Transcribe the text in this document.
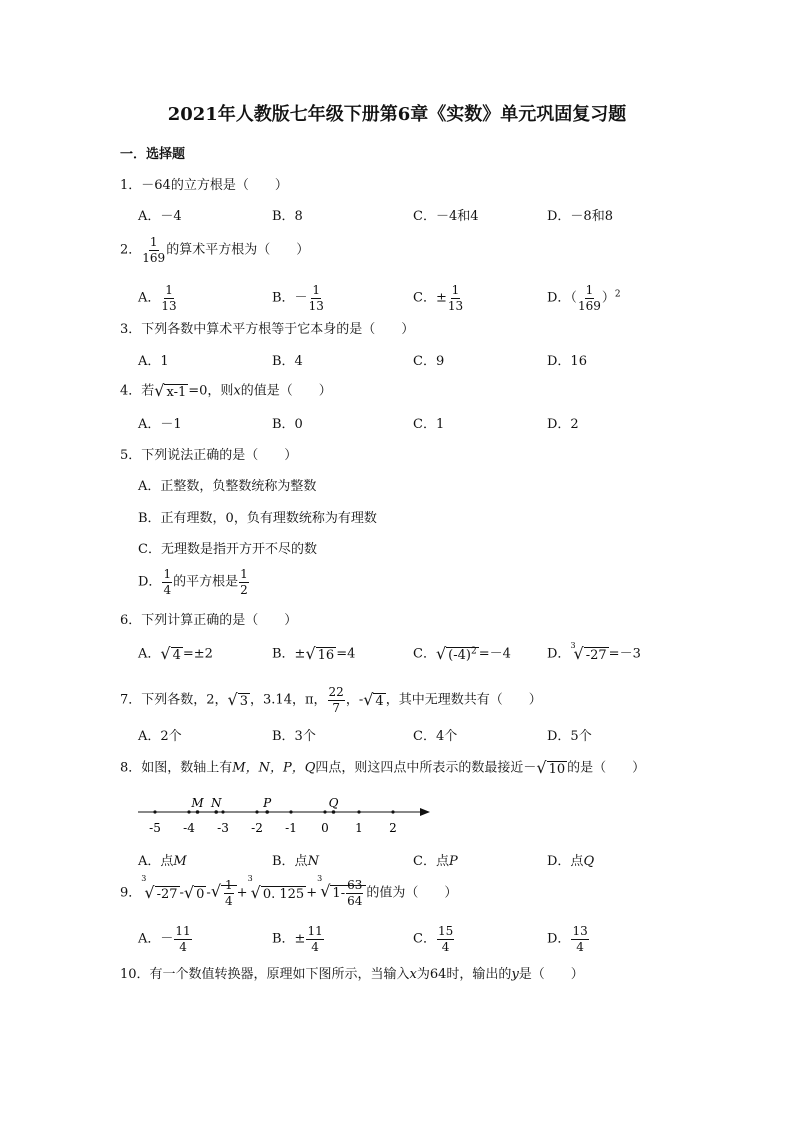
2021年人教版七年级下册第6章《实数》单元巩固复习题
一．选择题
1．－64的立方根是（　　）
A．－4	B．8	C．－4和4	D．－8和8
2． $\frac{1}{169}$ 的算术平方根为（　　）
A． $\frac{1}{13}$	B．－ $\frac{1}{13}$	C．± $\frac{1}{13}$	D．（ $\frac{1}{169} )^2$
3．下列各数中算术平方根等于它本身的是（　　）
A．1	B．4	C．9	D．16
4．若√ x-1 =0，则x的值是（　　）
A．－1	B．0	C．1	D．2
5．下列说法正确的是（　　）
A．正整数，负整数统称为整数
B．正有理数，0，负有理数统称为有理数
C．无理数是指开方开不尽的数
D． $\frac{1}{4}$ 的平方根是 $\frac{1}{2}$
6．下列计算正确的是（　　）
A．√ 4 =±2	B．±√ 16 =4	C．√ $(-4)^2 =-4$	D．$^3$√ -27 =－3
7．下列各数，2，√ 3 ，3.14，π， $\frac{22}{7}$ ，-√ 4 ，其中无理数共有（　　）
A．2个	B．3个	C．4个	D．5个
8．如图，数轴上有M，N，P，Q四点，则这四点中所表示的数最接近－√ 10 的是（　　）
-5 -4 -3 -2 -1 0 1 2
M N	P	Q
A．点M	B．点N	C．点P	D．点Q
9．$^3$√ -27 -√ 0 -√ $\frac{1}{4} +^3√$ 0. 125 +$^3$√ $1- \frac{63}{64}$ 的值为（　　）
A．－ $\frac{11}{4}$	B．± $\frac{11}{4}$	C． $\frac{15}{4}$	D． $\frac{13}{4}$
10．有一个数值转换器，原理如下图所示，当输入x为64时，输出的y是（　　）
